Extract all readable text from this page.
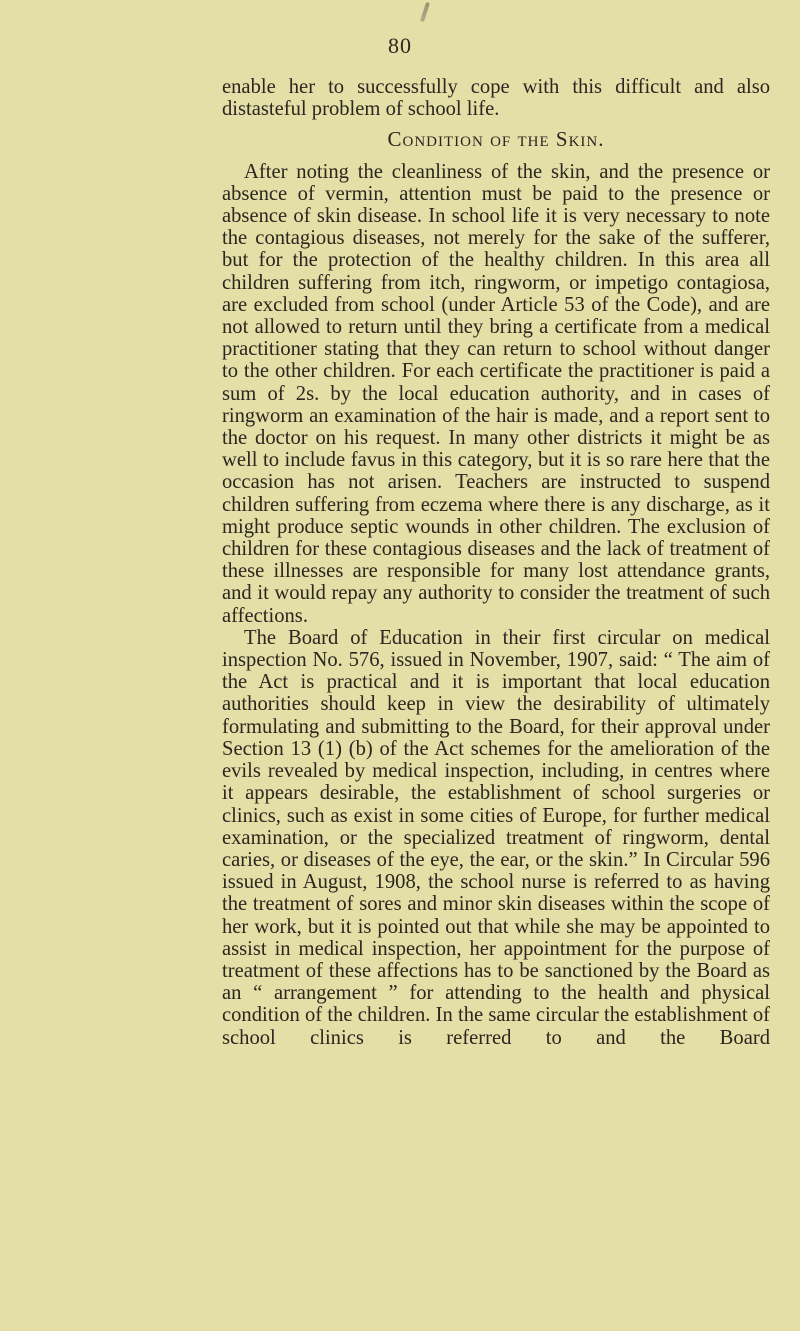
80

enable her to successfully cope with this difficult and also distasteful problem of school life.

Condition of the Skin.

After noting the cleanliness of the skin, and the presence or absence of vermin, attention must be paid to the presence or absence of skin disease. In school life it is very necessary to note the contagious diseases, not merely for the sake of the sufferer, but for the protection of the healthy children. In this area all children suffering from itch, ringworm, or impetigo contagiosa, are excluded from school (under Article 53 of the Code), and are not allowed to return until they bring a certificate from a medical practitioner stating that they can return to school without danger to the other children. For each certificate the practitioner is paid a sum of 2s. by the local education authority, and in cases of ringworm an examination of the hair is made, and a report sent to the doctor on his request. In many other districts it might be as well to include favus in this category, but it is so rare here that the occasion has not arisen. Teachers are instructed to suspend children suffering from eczema where there is any discharge, as it might produce septic wounds in other children. The exclusion of children for these contagious diseases and the lack of treatment of these illnesses are responsible for many lost attendance grants, and it would repay any authority to consider the treatment of such affections.

The Board of Education in their first circular on medical inspection No. 576, issued in November, 1907, said: “ The aim of the Act is practical and it is important that local education authorities should keep in view the desirability of ultimately formulating and submitting to the Board, for their approval under Section 13 (1) (b) of the Act schemes for the amelioration of the evils revealed by medical inspection, including, in centres where it appears desirable, the establishment of school surgeries or clinics, such as exist in some cities of Europe, for further medical examination, or the specialized treatment of ringworm, dental caries, or diseases of the eye, the ear, or the skin.” In Circular 596 issued in August, 1908, the school nurse is referred to as having the treatment of sores and minor skin diseases within the scope of her work, but it is pointed out that while she may be appointed to assist in medical inspection, her appointment for the purpose of treatment of these affections has to be sanctioned by the Board as an “ arrangement ” for attending to the health and physical condition of the children. In the same circular the establishment of school clinics is referred to and the Board
